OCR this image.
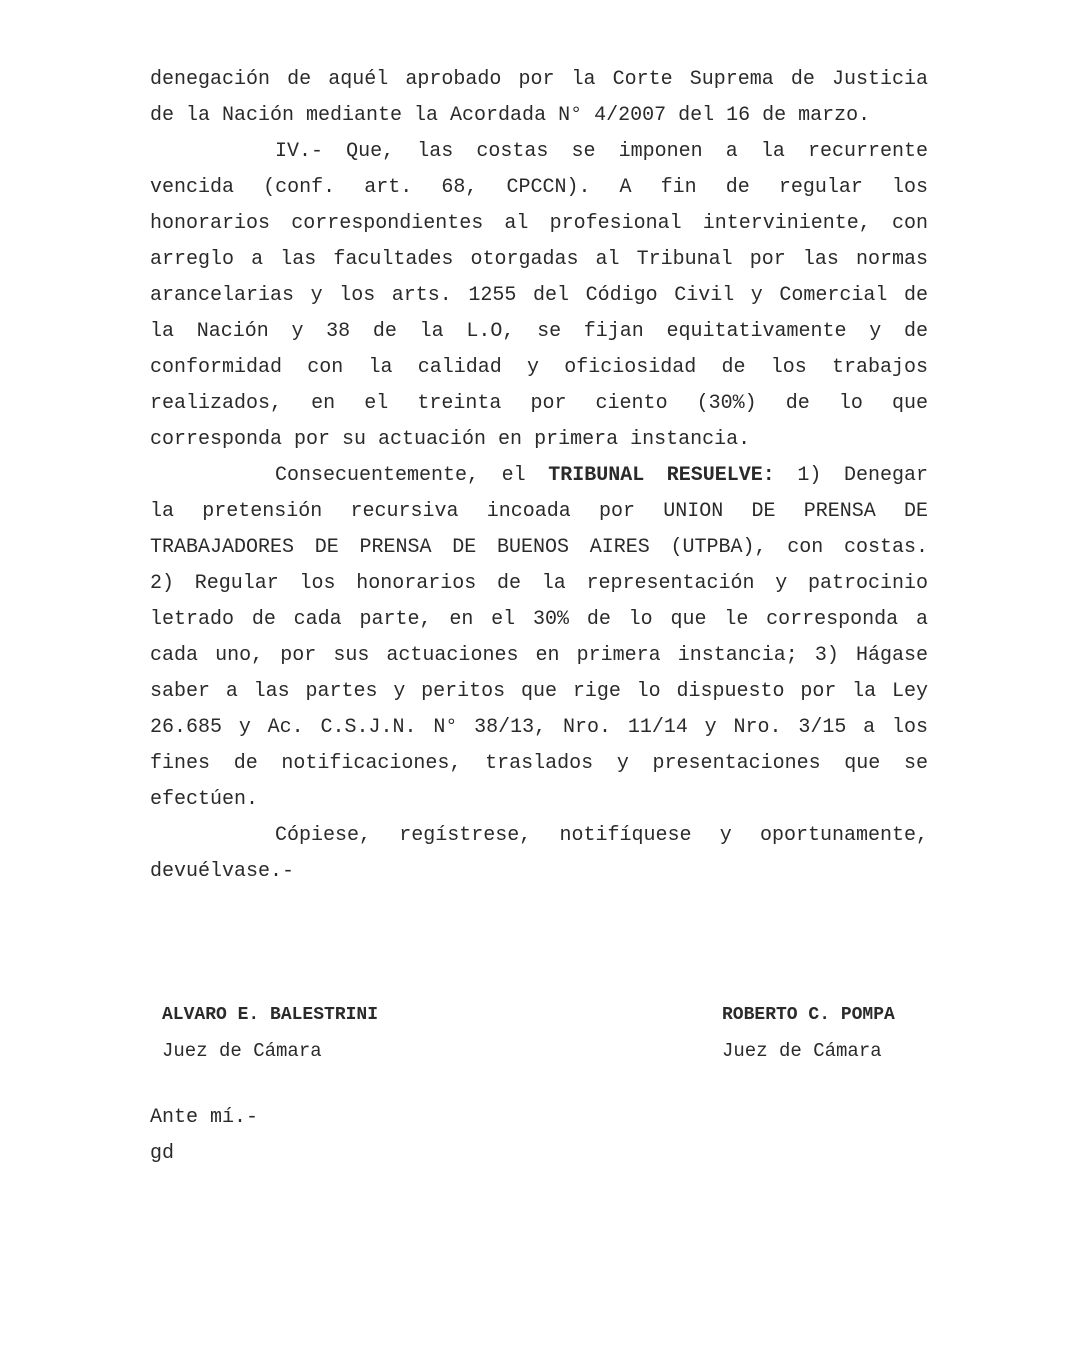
denegación de aquél aprobado por la Corte Suprema de Justicia
de la Nación mediante la Acordada N° 4/2007 del 16 de marzo.
IV.- Que, las costas se imponen a la recurrente
vencida (conf. art. 68, CPCCN). A fin de regular los
honorarios correspondientes al profesional interviniente, con
arreglo a las facultades otorgadas al Tribunal por las normas
arancelarias y los arts. 1255 del Código Civil y Comercial de
la Nación y 38 de la L.O, se fijan equitativamente y de
conformidad con la calidad y oficiosidad de los trabajos
realizados, en el treinta por ciento (30%) de lo que
corresponda por su actuación en primera instancia.
Consecuentemente, el TRIBUNAL RESUELVE: 1) Denegar
la pretensión recursiva incoada por UNION DE PRENSA DE
TRABAJADORES DE PRENSA DE BUENOS AIRES (UTPBA), con costas.
2) Regular los honorarios de la representación y patrocinio
letrado de cada parte, en el 30% de lo que le corresponda a
cada uno, por sus actuaciones en primera instancia; 3) Hágase
saber a las partes y peritos que rige lo dispuesto por la Ley
26.685 y Ac. C.S.J.N. N° 38/13, Nro. 11/14 y Nro. 3/15 a los
fines de notificaciones, traslados y presentaciones que se
efectúen.
Cópiese, regístrese, notifíquese y oportunamente,
devuélvase.-
ALVARO E. BALESTRINI
Juez de Cámara
ROBERTO C. POMPA
Juez de Cámara
Ante mí.-
gd
